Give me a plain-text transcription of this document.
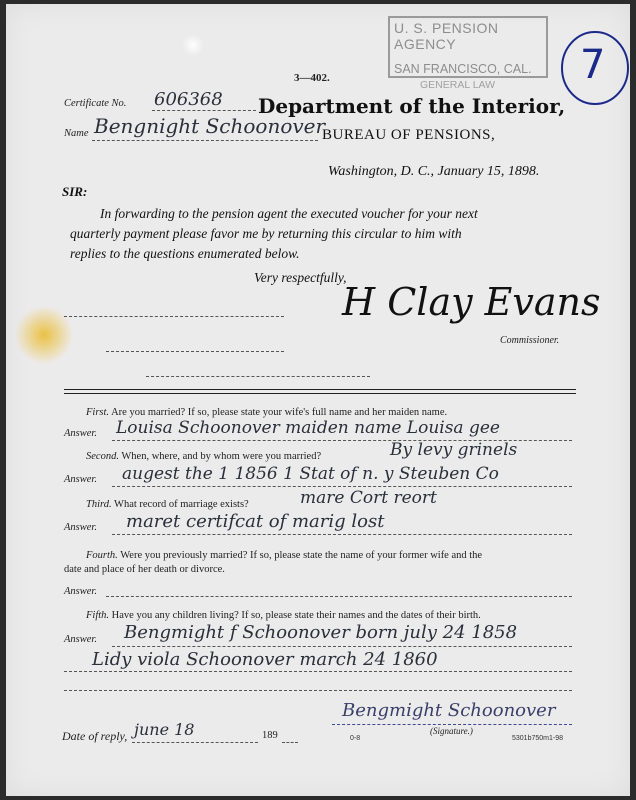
U. S. PENSION AGENCY
SAN FRANCISCO, CAL.
GENERAL LAW 7
3—402.
Certificate No. 606368
Name Bengnight Schoonover
Department of the Interior,
BUREAU OF PENSIONS,
Washington, D. C., January 15, 1898.
SIR:
In forwarding to the pension agent the executed voucher for your next
quarterly payment please favor me by returning this circular to him with
replies to the questions enumerated below.
Very respectfully,
H Clay Evans
Commissioner.
First. Are you married? If so, please state your wife's full name and her maiden name.
Answer. Louisa Schoonover maiden name Louisa gee
Second. When, where, and by whom were you married?	By levy grinels
Answer. augest the 1 1856 1 Stat of n. y Steuben Co
Third. What record of marriage exists?	mare Cort reort
Answer. maret certifcat of marig lost
Fourth. Were you previously married? If so, please state the name of your former wife and the
date and place of her death or divorce.
Answer.
Fifth. Have you any children living? If so, please state their names and the dates of their birth.
Answer. Bengmight f Schoonover born july 24 1858
Lidy viola Schoonover march 24 1860
Bengmight Schoonover
(Signature.)
Date of reply, june 18	189	0-8	5301b750m1-98
